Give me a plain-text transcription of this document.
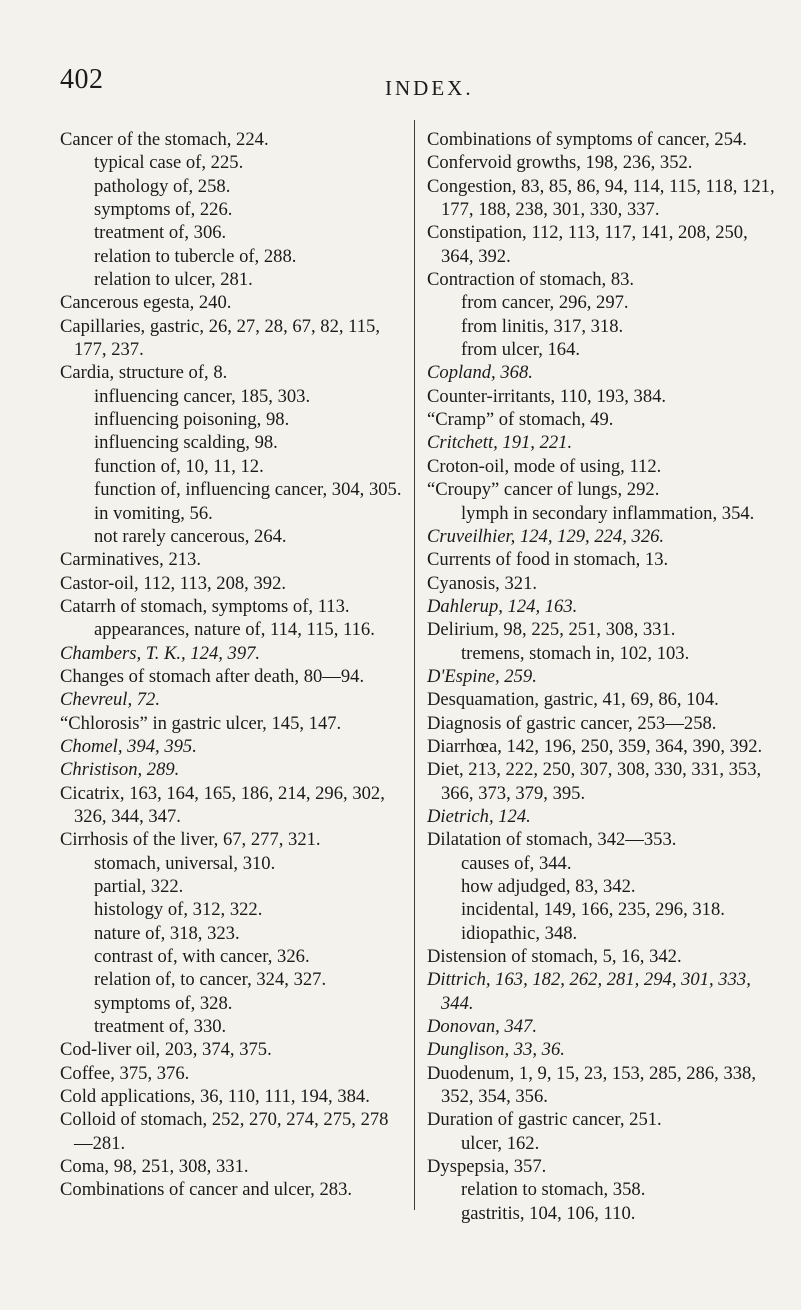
402	INDEX.

Cancer of the stomach, 224.

typical case of, 225.

pathology of, 258.

symptoms of, 226.

treatment of, 306.

relation to tubercle of, 288.

relation to ulcer, 281.

Cancerous egesta, 240.

Capillaries, gastric, 26, 27, 28, 67, 82, 115, 177, 237.

Cardia, structure of, 8.

influencing cancer, 185, 303.

influencing poisoning, 98.

influencing scalding, 98.

function of, 10, 11, 12.

function of, influencing cancer, 304, 305.

in vomiting, 56.

not rarely cancerous, 264.

Carminatives, 213.

Castor-oil, 112, 113, 208, 392.

Catarrh of stomach, symptoms of, 113.

appearances, nature of, 114, 115, 116.

Chambers, T. K., 124, 397.

Changes of stomach after death, 80—94.

Chevreul, 72.

“Chlorosis” in gastric ulcer, 145, 147.

Chomel, 394, 395.

Christison, 289.

Cicatrix, 163, 164, 165, 186, 214, 296, 302, 326, 344, 347.

Cirrhosis of the liver, 67, 277, 321.

stomach, universal, 310.

partial, 322.

histology of, 312, 322.

nature of, 318, 323.

contrast of, with cancer, 326.

relation of, to cancer, 324, 327.

symptoms of, 328.

treatment of, 330.

Cod-liver oil, 203, 374, 375.

Coffee, 375, 376.

Cold applications, 36, 110, 111, 194, 384.

Colloid of stomach, 252, 270, 274, 275, 278—281.

Coma, 98, 251, 308, 331.

Combinations of cancer and ulcer, 283.

Combinations of symptoms of cancer, 254.

Confervoid growths, 198, 236, 352.

Congestion, 83, 85, 86, 94, 114, 115, 118, 121, 177, 188, 238, 301, 330, 337.

Constipation, 112, 113, 117, 141, 208, 250, 364, 392.

Contraction of stomach, 83.

from cancer, 296, 297.

from linitis, 317, 318.

from ulcer, 164.

Copland, 368.

Counter-irritants, 110, 193, 384.

“Cramp” of stomach, 49.

Critchett, 191, 221.

Croton-oil, mode of using, 112.

“Croupy” cancer of lungs, 292.

lymph in secondary inflammation, 354.

Cruveilhier, 124, 129, 224, 326.

Currents of food in stomach, 13.

Cyanosis, 321.

Dahlerup, 124, 163.

Delirium, 98, 225, 251, 308, 331.

tremens, stomach in, 102, 103.

D'Espine, 259.

Desquamation, gastric, 41, 69, 86, 104.

Diagnosis of gastric cancer, 253—258.

Diarrhœa, 142, 196, 250, 359, 364, 390, 392.

Diet, 213, 222, 250, 307, 308, 330, 331, 353, 366, 373, 379, 395.

Dietrich, 124.

Dilatation of stomach, 342—353.

causes of, 344.

how adjudged, 83, 342.

incidental, 149, 166, 235, 296, 318.

idiopathic, 348.

Distension of stomach, 5, 16, 342.

Dittrich, 163, 182, 262, 281, 294, 301, 333, 344.

Donovan, 347.

Dunglison, 33, 36.

Duodenum, 1, 9, 15, 23, 153, 285, 286, 338, 352, 354, 356.

Duration of gastric cancer, 251.

ulcer, 162.

Dyspepsia, 357.

relation to stomach, 358.

gastritis, 104, 106, 110.
